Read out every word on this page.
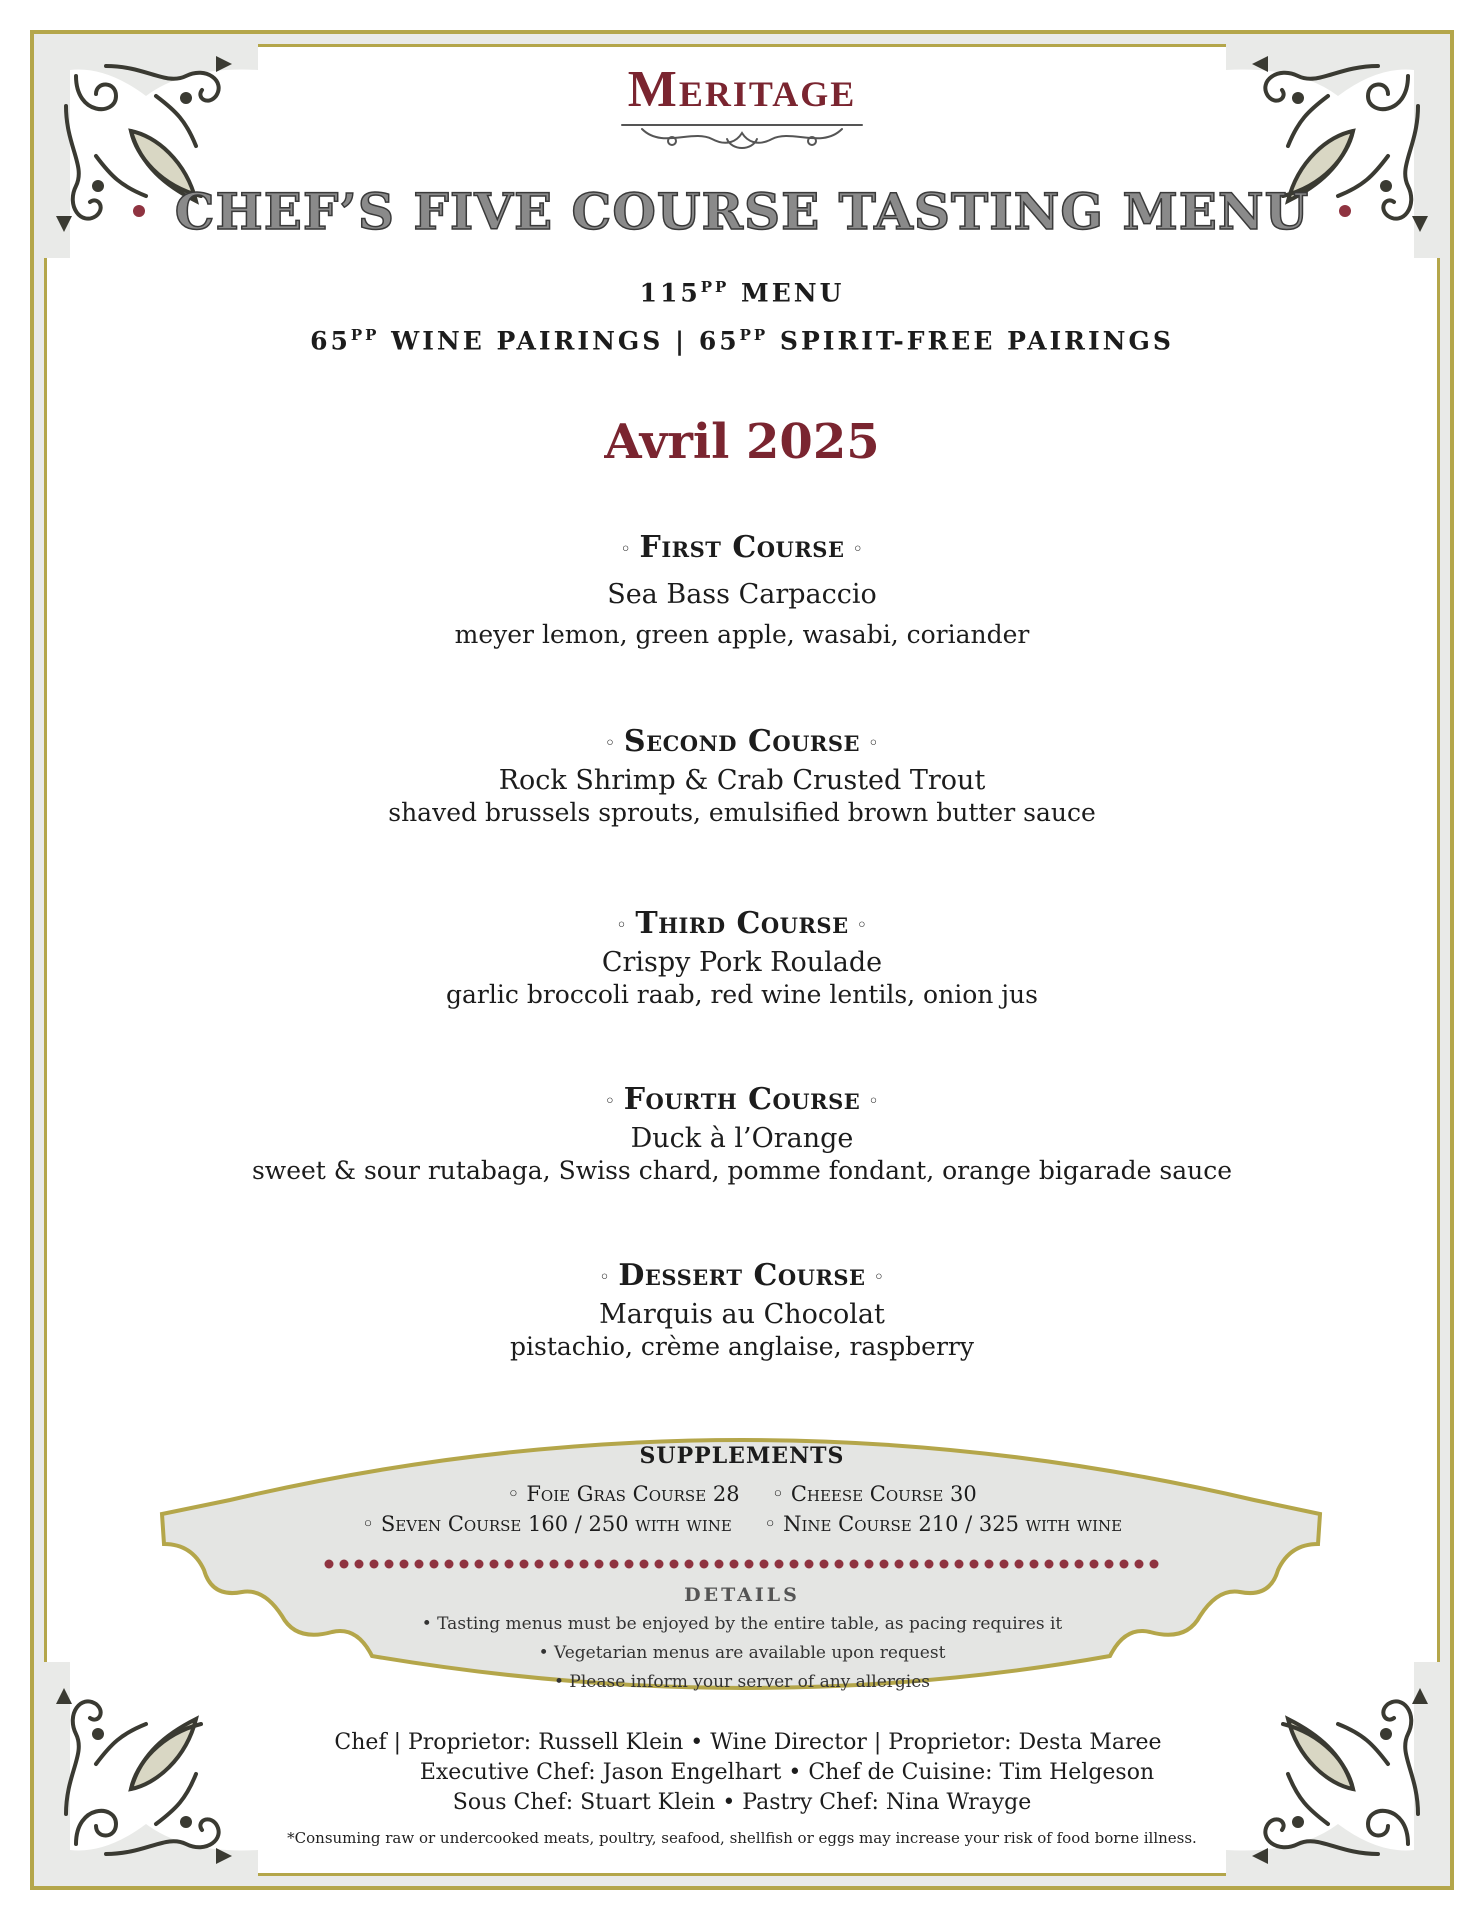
Meritage
CHEF’S FIVE COURSE TASTING MENU
$115^{PP}$ MENU
$65^{PP}$ WINE PAIRINGS | $65^{PP}$ SPIRIT-FREE PAIRINGS
Avril 2025
◦ First Course ◦
Sea Bass Carpaccio
meyer lemon, green apple, wasabi, coriander
◦ Second Course ◦
Rock Shrimp & Crab Crusted Trout
shaved brussels sprouts, emulsified brown butter sauce
◦ Third Course ◦
Crispy Pork Roulade
garlic broccoli raab, red wine lentils, onion jus
◦ Fourth Course ◦
Duck à l’Orange
sweet & sour rutabaga, Swiss chard, pomme fondant, orange bigarade sauce
◦ Dessert Course ◦
Marquis au Chocolat
pistachio, crème anglaise, raspberry
SUPPLEMENTS
◦ Foie Gras Course 28 ◦ Cheese Course 30
◦ Seven Course 160 / 250 with wine ◦ Nine Course 210 / 325 with wine
DETAILS
• Tasting menus must be enjoyed by the entire table, as pacing requires it
• Vegetarian menus are available upon request
• Please inform your server of any allergies
Chef | Proprietor: Russell Klein • Wine Director | Proprietor: Desta Maree
Executive Chef: Jason Engelhart • Chef de Cuisine: Tim Helgeson
Sous Chef: Stuart Klein • Pastry Chef: Nina Wrayge
*Consuming raw or undercooked meats, poultry, seafood, shellfish or eggs may increase your risk of food borne illness.
